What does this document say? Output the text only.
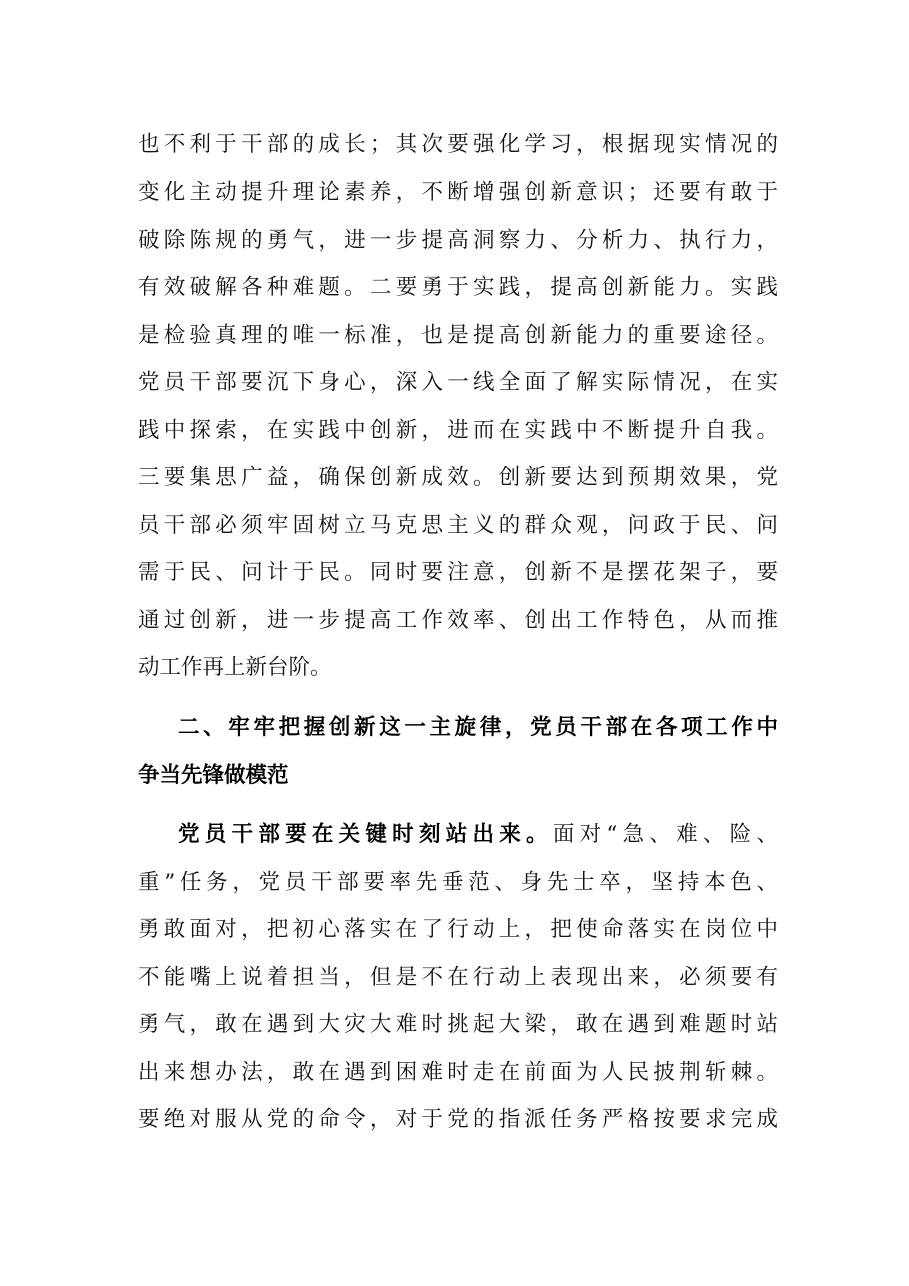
也不利于干部的成长；其次要强化学习，根据现实情况的
变化主动提升理论素养，不断增强创新意识；还要有敢于
破除陈规的勇气，进一步提高洞察力、分析力、执行力，
有效破解各种难题。二要勇于实践，提高创新能力。实践
是检验真理的唯一标准，也是提高创新能力的重要途径。
党员干部要沉下身心，深入一线全面了解实际情况，在实
践中探索，在实践中创新，进而在实践中不断提升自我。
三要集思广益，确保创新成效。创新要达到预期效果，党
员干部必须牢固树立马克思主义的群众观，问政于民、问
需于民、问计于民。同时要注意，创新不是摆花架子，要
通过创新，进一步提高工作效率、创出工作特色，从而推
动工作再上新台阶。
二、牢牢把握创新这一主旋律，党员干部在各项工作中
争当先锋做模范
党员干部要在关键时刻站出来。面对“急、难、险、
重”任务，党员干部要率先垂范、身先士卒，坚持本色、
勇敢面对，把初心落实在了行动上，把使命落实在岗位中
不能嘴上说着担当，但是不在行动上表现出来，必须要有
勇气，敢在遇到大灾大难时挑起大梁，敢在遇到难题时站
出来想办法，敢在遇到困难时走在前面为人民披荆斩棘。
要绝对服从党的命令，对于党的指派任务严格按要求完成
